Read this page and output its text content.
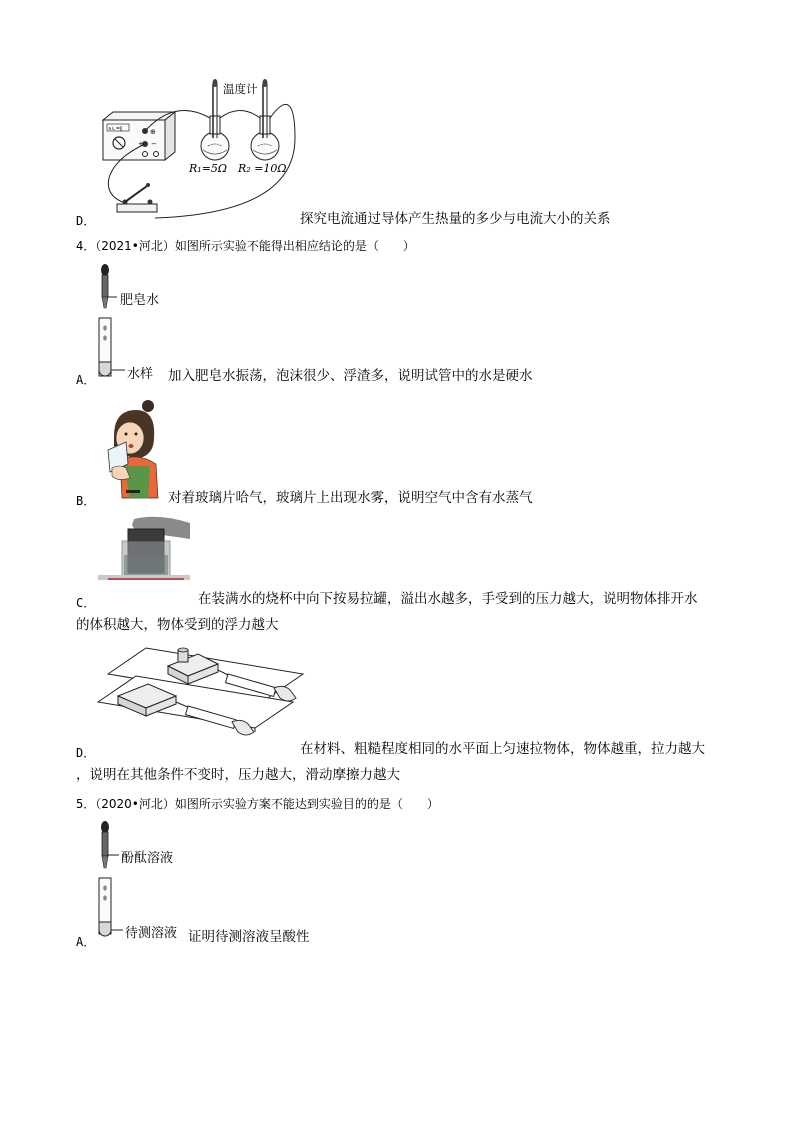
∧∟=∥	⊕
+ −
温度计
R₁=5Ω R₂ =10Ω
D．	探究电流通过导体产生热量的多少与电流大小的关系
4．（2021•河北）如图所示实验不能得出相应结论的是（　　）
肥皂水
水样
A．	加入肥皂水振荡，泡沫很少、浮渣多，说明试管中的水是硬水
B．	对着玻璃片哈气，玻璃片上出现水雾，说明空气中含有水蒸气
C．	在装满水的烧杯中向下按易拉罐，溢出水越多，手受到的压力越大，说明物体排开水
的体积越大，物体受到的浮力越大
D．	在材料、粗糙程度相同的水平面上匀速拉物体，物体越重，拉力越大
，说明在其他条件不变时，压力越大，滑动摩擦力越大
5．（2020•河北）如图所示实验方案不能达到实验目的的是（　　）
酚酞溶液
待测溶液
A．	证明待测溶液呈酸性
